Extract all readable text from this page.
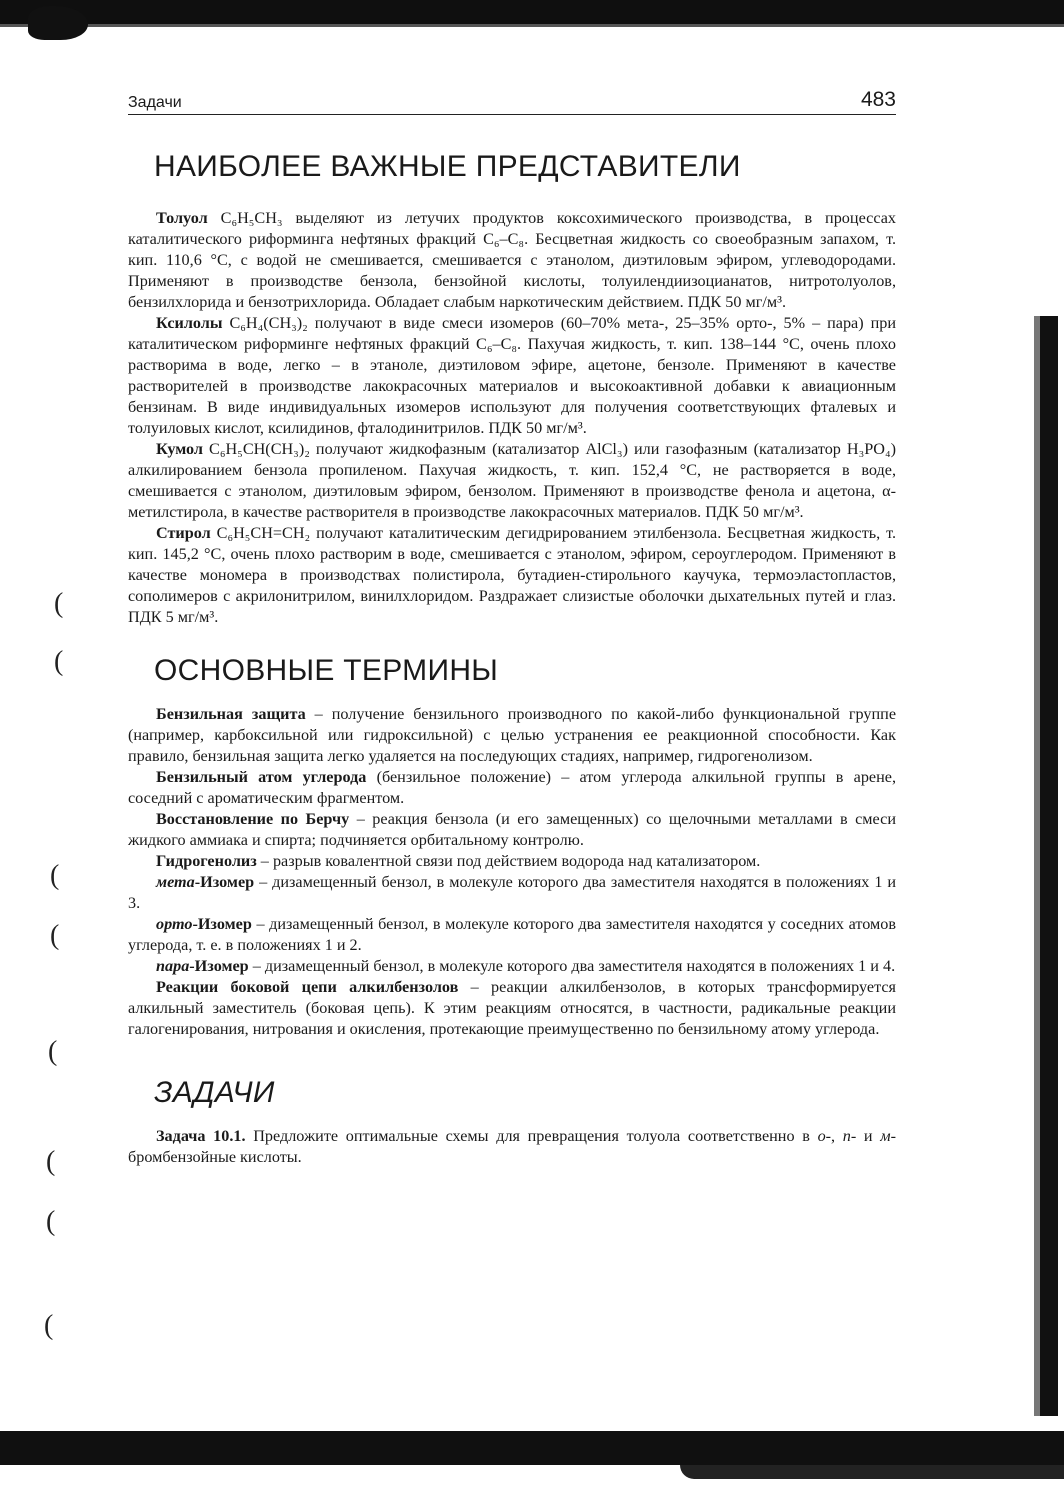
(
(
(
(
(
(
(
(
Задачи	483
НАИБОЛЕЕ ВАЖНЫЕ ПРЕДСТАВИТЕЛИ

Толуол C₆H₅CH₃ выделяют из летучих продуктов коксохимического производства, в процессах каталитического риформинга нефтяных фракций C₆–C₈. Бесцветная жидкость со своеобразным запахом, т. кип. 110,6 °C, с водой не смешивается, смешивается с этанолом, диэтиловым эфиром, углеводородами. Применяют в производстве бензола, бензойной кислоты, толуилендиизоцианатов, нитротолуолов, бензилхлорида и бензотрихлорида. Обладает слабым наркотическим действием. ПДК 50 мг/м³.

Ксилолы C₆H₄(CH₃)₂ получают в виде смеси изомеров (60–70% мета-, 25–35% орто-, 5% – пара) при каталитическом риформинге нефтяных фракций C₆–C₈. Пахучая жидкость, т. кип. 138–144 °C, очень плохо растворима в воде, легко – в этаноле, диэтиловом эфире, ацетоне, бензоле. Применяют в качестве растворителей в производстве лакокрасочных материалов и высокоактивной добавки к авиационным бензинам. В виде индивидуальных изомеров используют для получения соответствующих фталевых и толуиловых кислот, ксилидинов, фталодинитрилов. ПДК 50 мг/м³.

Кумол C₆H₅CH(CH₃)₂ получают жидкофазным (катализатор AlCl₃) или газофазным (катализатор H₃PO₄) алкилированием бензола пропиленом. Пахучая жидкость, т. кип. 152,4 °C, не растворяется в воде, смешивается с этанолом, диэтиловым эфиром, бензолом. Применяют в производстве фенола и ацетона, α-метилстирола, в качестве растворителя в производстве лакокрасочных материалов. ПДК 50 мг/м³.

Стирол C₆H₅CH=CH₂ получают каталитическим дегидрированием этилбензола. Бесцветная жидкость, т. кип. 145,2 °C, очень плохо растворим в воде, смешивается с этанолом, эфиром, сероуглеродом. Применяют в качестве мономера в производствах полистирола, бутадиен-стирольного каучука, термоэластопластов, сополимеров с акрилонитрилом, винилхлоридом. Раздражает слизистые оболочки дыхательных путей и глаз. ПДК 5 мг/м³.

ОСНОВНЫЕ ТЕРМИНЫ

Бензильная защита – получение бензильного производного по какой-либо функциональной группе (например, карбоксильной или гидроксильной) с целью устранения ее реакционной способности. Как правило, бензильная защита легко удаляется на последующих стадиях, например, гидрогенолизом.

Бензильный атом углерода (бензильное положение) – атом углерода алкильной группы в арене, соседний с ароматическим фрагментом.

Восстановление по Берчу – реакция бензола (и его замещенных) со щелочными металлами в смеси жидкого аммиака и спирта; подчиняется орбитальному контролю.

Гидрогенолиз – разрыв ковалентной связи под действием водорода над катализатором.

мета-Изомер – дизамещенный бензол, в молекуле которого два заместителя находятся в положениях 1 и 3.

орто-Изомер – дизамещенный бензол, в молекуле которого два заместителя находятся у соседних атомов углерода, т. е. в положениях 1 и 2.

пара-Изомер – дизамещенный бензол, в молекуле которого два заместителя находятся в положениях 1 и 4.

Реакции боковой цепи алкилбензолов – реакции алкилбензолов, в которых трансформируется алкильный заместитель (боковая цепь). К этим реакциям относятся, в частности, радикальные реакции галогенирования, нитрования и окисления, протекающие преимущественно по бензильному атому углерода.

ЗАДАЧИ

Задача 10.1. Предложите оптимальные схемы для превращения толуола соответственно в о-, п- и м-бромбензойные кислоты.
